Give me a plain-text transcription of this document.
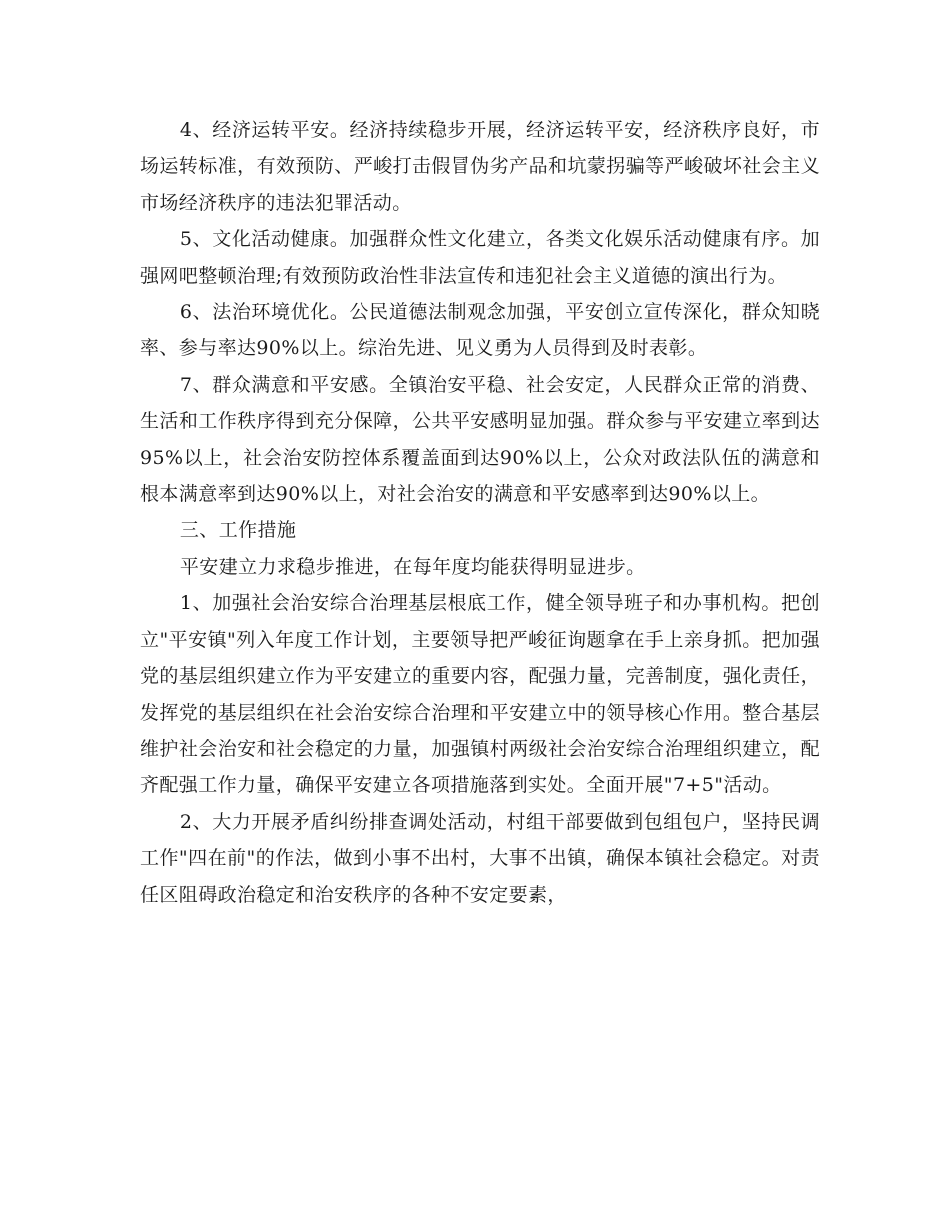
4、经济运转平安。经济持续稳步开展，经济运转平安，经济秩序良好，市场运转标准，有效预防、严峻打击假冒伪劣产品和坑蒙拐骗等严峻破坏社会主义市场经济秩序的违法犯罪活动。

5、文化活动健康。加强群众性文化建立，各类文化娱乐活动健康有序。加强网吧整顿治理;有效预防政治性非法宣传和违犯社会主义道德的演出行为。

6、法治环境优化。公民道德法制观念加强，平安创立宣传深化，群众知晓率、参与率达90%以上。综治先进、见义勇为人员得到及时表彰。

7、群众满意和平安感。全镇治安平稳、社会安定，人民群众正常的消费、生活和工作秩序得到充分保障，公共平安感明显加强。群众参与平安建立率到达95%以上，社会治安防控体系覆盖面到达90%以上，公众对政法队伍的满意和根本满意率到达90%以上，对社会治安的满意和平安感率到达90%以上。

三、工作措施

平安建立力求稳步推进，在每年度均能获得明显进步。

1、加强社会治安综合治理基层根底工作，健全领导班子和办事机构。把创立"平安镇"列入年度工作计划，主要领导把严峻征询题拿在手上亲身抓。把加强党的基层组织建立作为平安建立的重要内容，配强力量，完善制度，强化责任，发挥党的基层组织在社会治安综合治理和平安建立中的领导核心作用。整合基层维护社会治安和社会稳定的力量，加强镇村两级社会治安综合治理组织建立，配齐配强工作力量，确保平安建立各项措施落到实处。全面开展"7+5"活动。

2、大力开展矛盾纠纷排查调处活动，村组干部要做到包组包户，坚持民调工作"四在前"的作法，做到小事不出村，大事不出镇，确保本镇社会稳定。对责任区阻碍政治稳定和治安秩序的各种不安定要素，
